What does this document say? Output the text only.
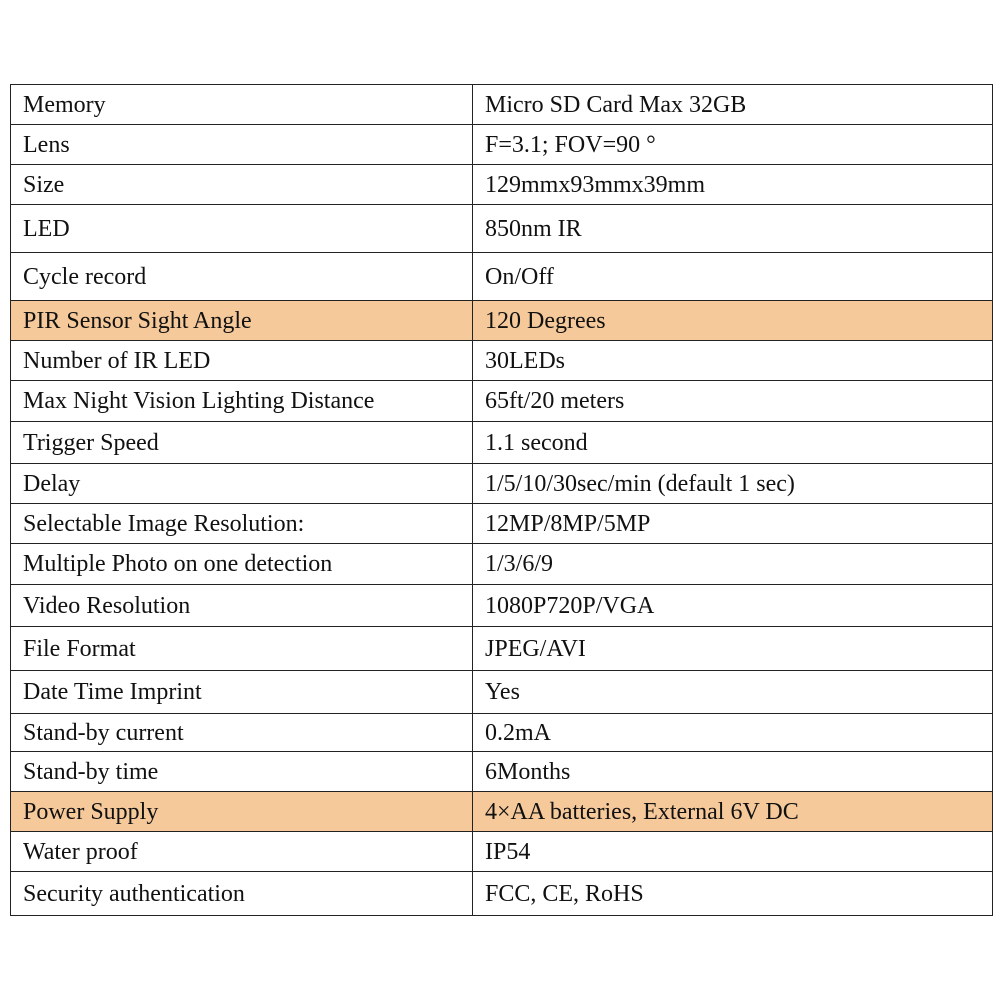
Memory	Micro SD Card Max 32GB
Lens	F=3.1; FOV=90 °
Size	129mmx93mmx39mm
LED	850nm IR
Cycle record	On/Off
PIR Sensor Sight Angle	120 Degrees
Number of IR LED	30LEDs
Max Night Vision Lighting Distance	65ft/20 meters
Trigger Speed	1.1 second
Delay	1/5/10/30sec/min (default 1 sec)
Selectable Image Resolution:	12MP/8MP/5MP
Multiple Photo on one detection	1/3/6/9
Video Resolution	1080P720P/VGA
File Format	JPEG/AVI
Date Time Imprint	Yes
Stand-by current	0.2mA
Stand-by time	6Months
Power Supply	4×AA batteries, External 6V DC
Water proof	IP54
Security authentication	FCC, CE, RoHS
